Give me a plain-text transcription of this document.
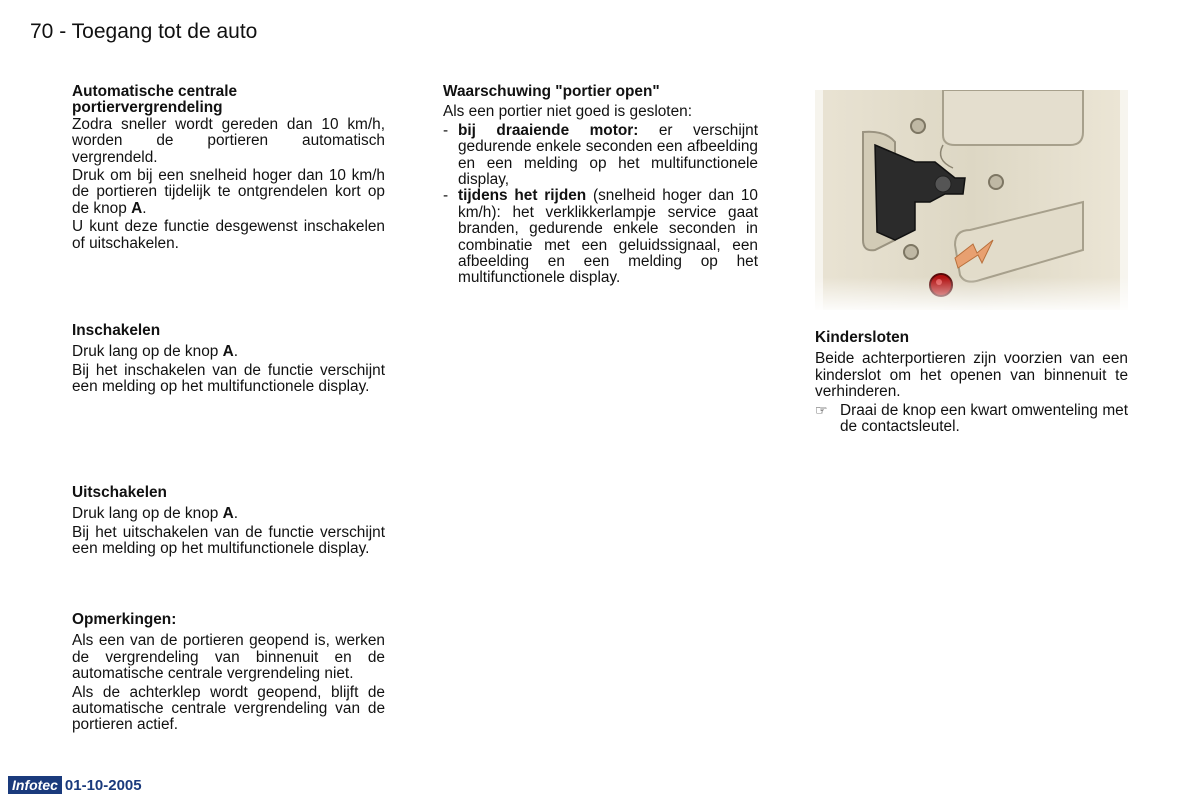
70 - Toegang tot de auto
Automatische centrale portiervergrendeling

Zodra sneller wordt gereden dan 10 km/h, worden de portieren automatisch vergrendeld.

Druk om bij een snelheid hoger dan 10 km/h de portieren tijdelijk te ontgrendelen kort op de knop A.

U kunt deze functie desgewenst inschakelen of uitschakelen.

Inschakelen

Druk lang op de knop A.

Bij het inschakelen van de functie verschijnt een melding op het multifunctionele display.

Uitschakelen

Druk lang op de knop A.

Bij het uitschakelen van de functie verschijnt een melding op het multifunctionele display.

Opmerkingen:

Als een van de portieren geopend is, werken de vergrendeling van binnenuit en de automatische centrale vergrendeling niet.

Als de achterklep wordt geopend, blijft de automatische centrale vergrendeling van de portieren actief.

Waarschuwing "portier open"

Als een portier niet goed is gesloten:

- bij draaiende motor: er verschijnt gedurende enkele seconden een afbeelding en een melding op het multifunctionele display,
- tijdens het rijden (snelheid hoger dan 10 km/h): het verklikkerlampje service gaat branden, gedurende enkele seconden in combinatie met een geluidssignaal, een afbeelding en een melding op het multifunctionele display.
Kindersloten

Beide achterportieren zijn voorzien van een kinderslot om het openen van binnenuit te verhinderen.

☞ Draai de knop een kwart omwenteling met de contactsleutel.

Infotec 01-10-2005
